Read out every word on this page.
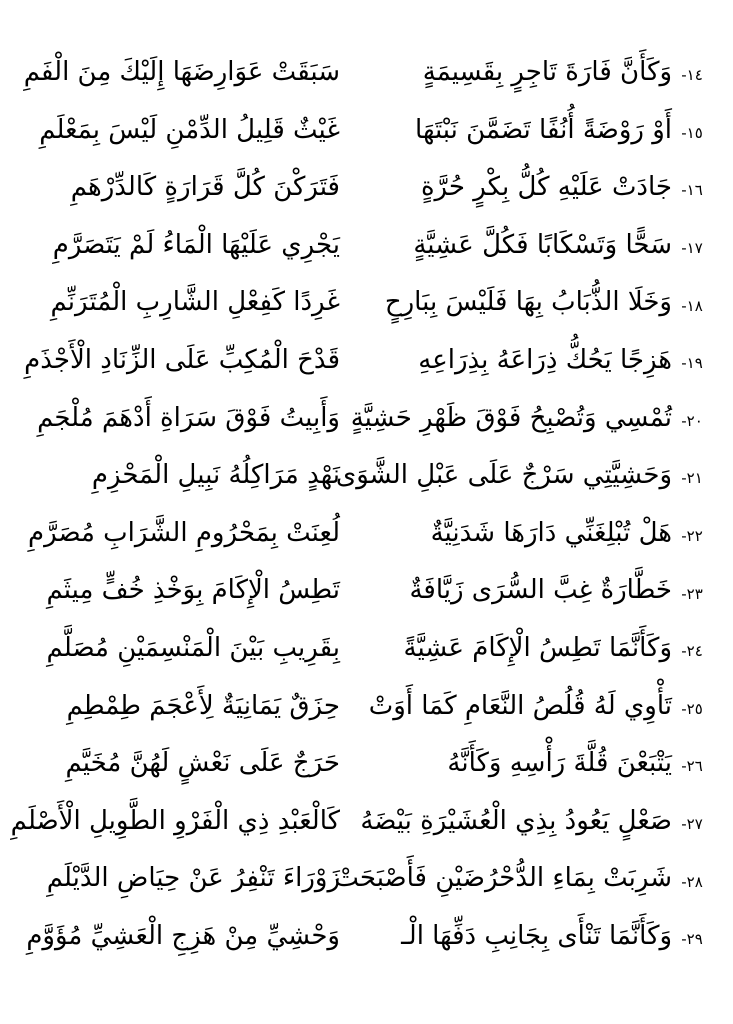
١٤-
وَكَأَنَّ فَارَةَ تَاجِرٍ بِقَسِيمَةٍ
سَبَقَتْ عَوَارِضَهَا إِلَيْكَ مِنَ الْفَمِ
١٥-
أَوْ رَوْضَةً أُنُفًا تَضَمَّنَ نَبْتَهَا
غَيْثٌ قَلِيلُ الدِّمْنِ لَيْسَ بِمَعْلَمِ
١٦-
جَادَتْ عَلَيْهِ كُلُّ بِكْرٍ حُرَّةٍ
فَتَرَكْنَ كُلَّ قَرَارَةٍ كَالدِّرْهَمِ
١٧-
سَحًّا وَتَسْكَابًا فَكُلَّ عَشِيَّةٍ
يَجْرِي عَلَيْهَا الْمَاءُ لَمْ يَتَصَرَّمِ
١٨-
وَخَلَا الذُّبَابُ بِهَا فَلَيْسَ بِبَارِحٍ
غَرِدًا كَفِعْلِ الشَّارِبِ الْمُتَرَنِّمِ
١٩-
هَزِجًا يَحُكُّ ذِرَاعَهُ بِذِرَاعِهِ
قَدْحَ الْمُكِبِّ عَلَى الزِّنَادِ الْأَجْذَمِ
٢٠-
تُمْسِي وَتُصْبِحُ فَوْقَ ظَهْرِ حَشِيَّةٍ
وَأَبِيتُ فَوْقَ سَرَاةِ أَدْهَمَ مُلْجَمِ
٢١-
وَحَشِيَّتِي سَرْجٌ عَلَى عَبْلِ الشَّوَى
نَهْدٍ مَرَاكِلُهُ نَبِيلِ الْمَحْزِمِ
٢٢-
هَلْ تُبْلِغَنِّي دَارَهَا شَدَنِيَّةٌ
لُعِنَتْ بِمَحْرُومِ الشَّرَابِ مُصَرَّمِ
٢٣-
خَطَّارَةٌ غِبَّ السُّرَى زَيَّافَةٌ
تَطِسُ الْإِكَامَ بِوَخْذِ خُفٍّ مِيثَمِ
٢٤-
وَكَأَنَّمَا تَطِسُ الْإِكَامَ عَشِيَّةً
بِقَرِيبِ بَيْنَ الْمَنْسِمَيْنِ مُصَلَّمِ
٢٥-
تَأْوِي لَهُ قُلُصُ النَّعَامِ كَمَا أَوَتْ
حِزَقٌ يَمَانِيَةٌ لِأَعْجَمَ طِمْطِمِ
٢٦-
يَتْبَعْنَ قُلَّةَ رَأْسِهِ وَكَأَنَّهُ
حَرَجٌ عَلَى نَعْشٍ لَهُنَّ مُخَيَّمِ
٢٧-
صَعْلٍ يَعُودُ بِذِي الْعُشَيْرَةِ بَيْضَهُ
كَالْعَبْدِ ذِي الْفَرْوِ الطَّوِيلِ الْأَصْلَمِ
٢٨-
شَرِبَتْ بِمَاءِ الدُّحْرُضَيْنِ فَأَصْبَحَتْ
زَوْرَاءَ تَنْفِرُ عَنْ حِيَاضِ الدَّيْلَمِ
٢٩-
وَكَأَنَّمَا تَنْأَى بِجَانِبِ دَفِّهَا الْـ
وَحْشِيِّ مِنْ هَزِجِ الْعَشِيِّ مُؤَوَّمِ
